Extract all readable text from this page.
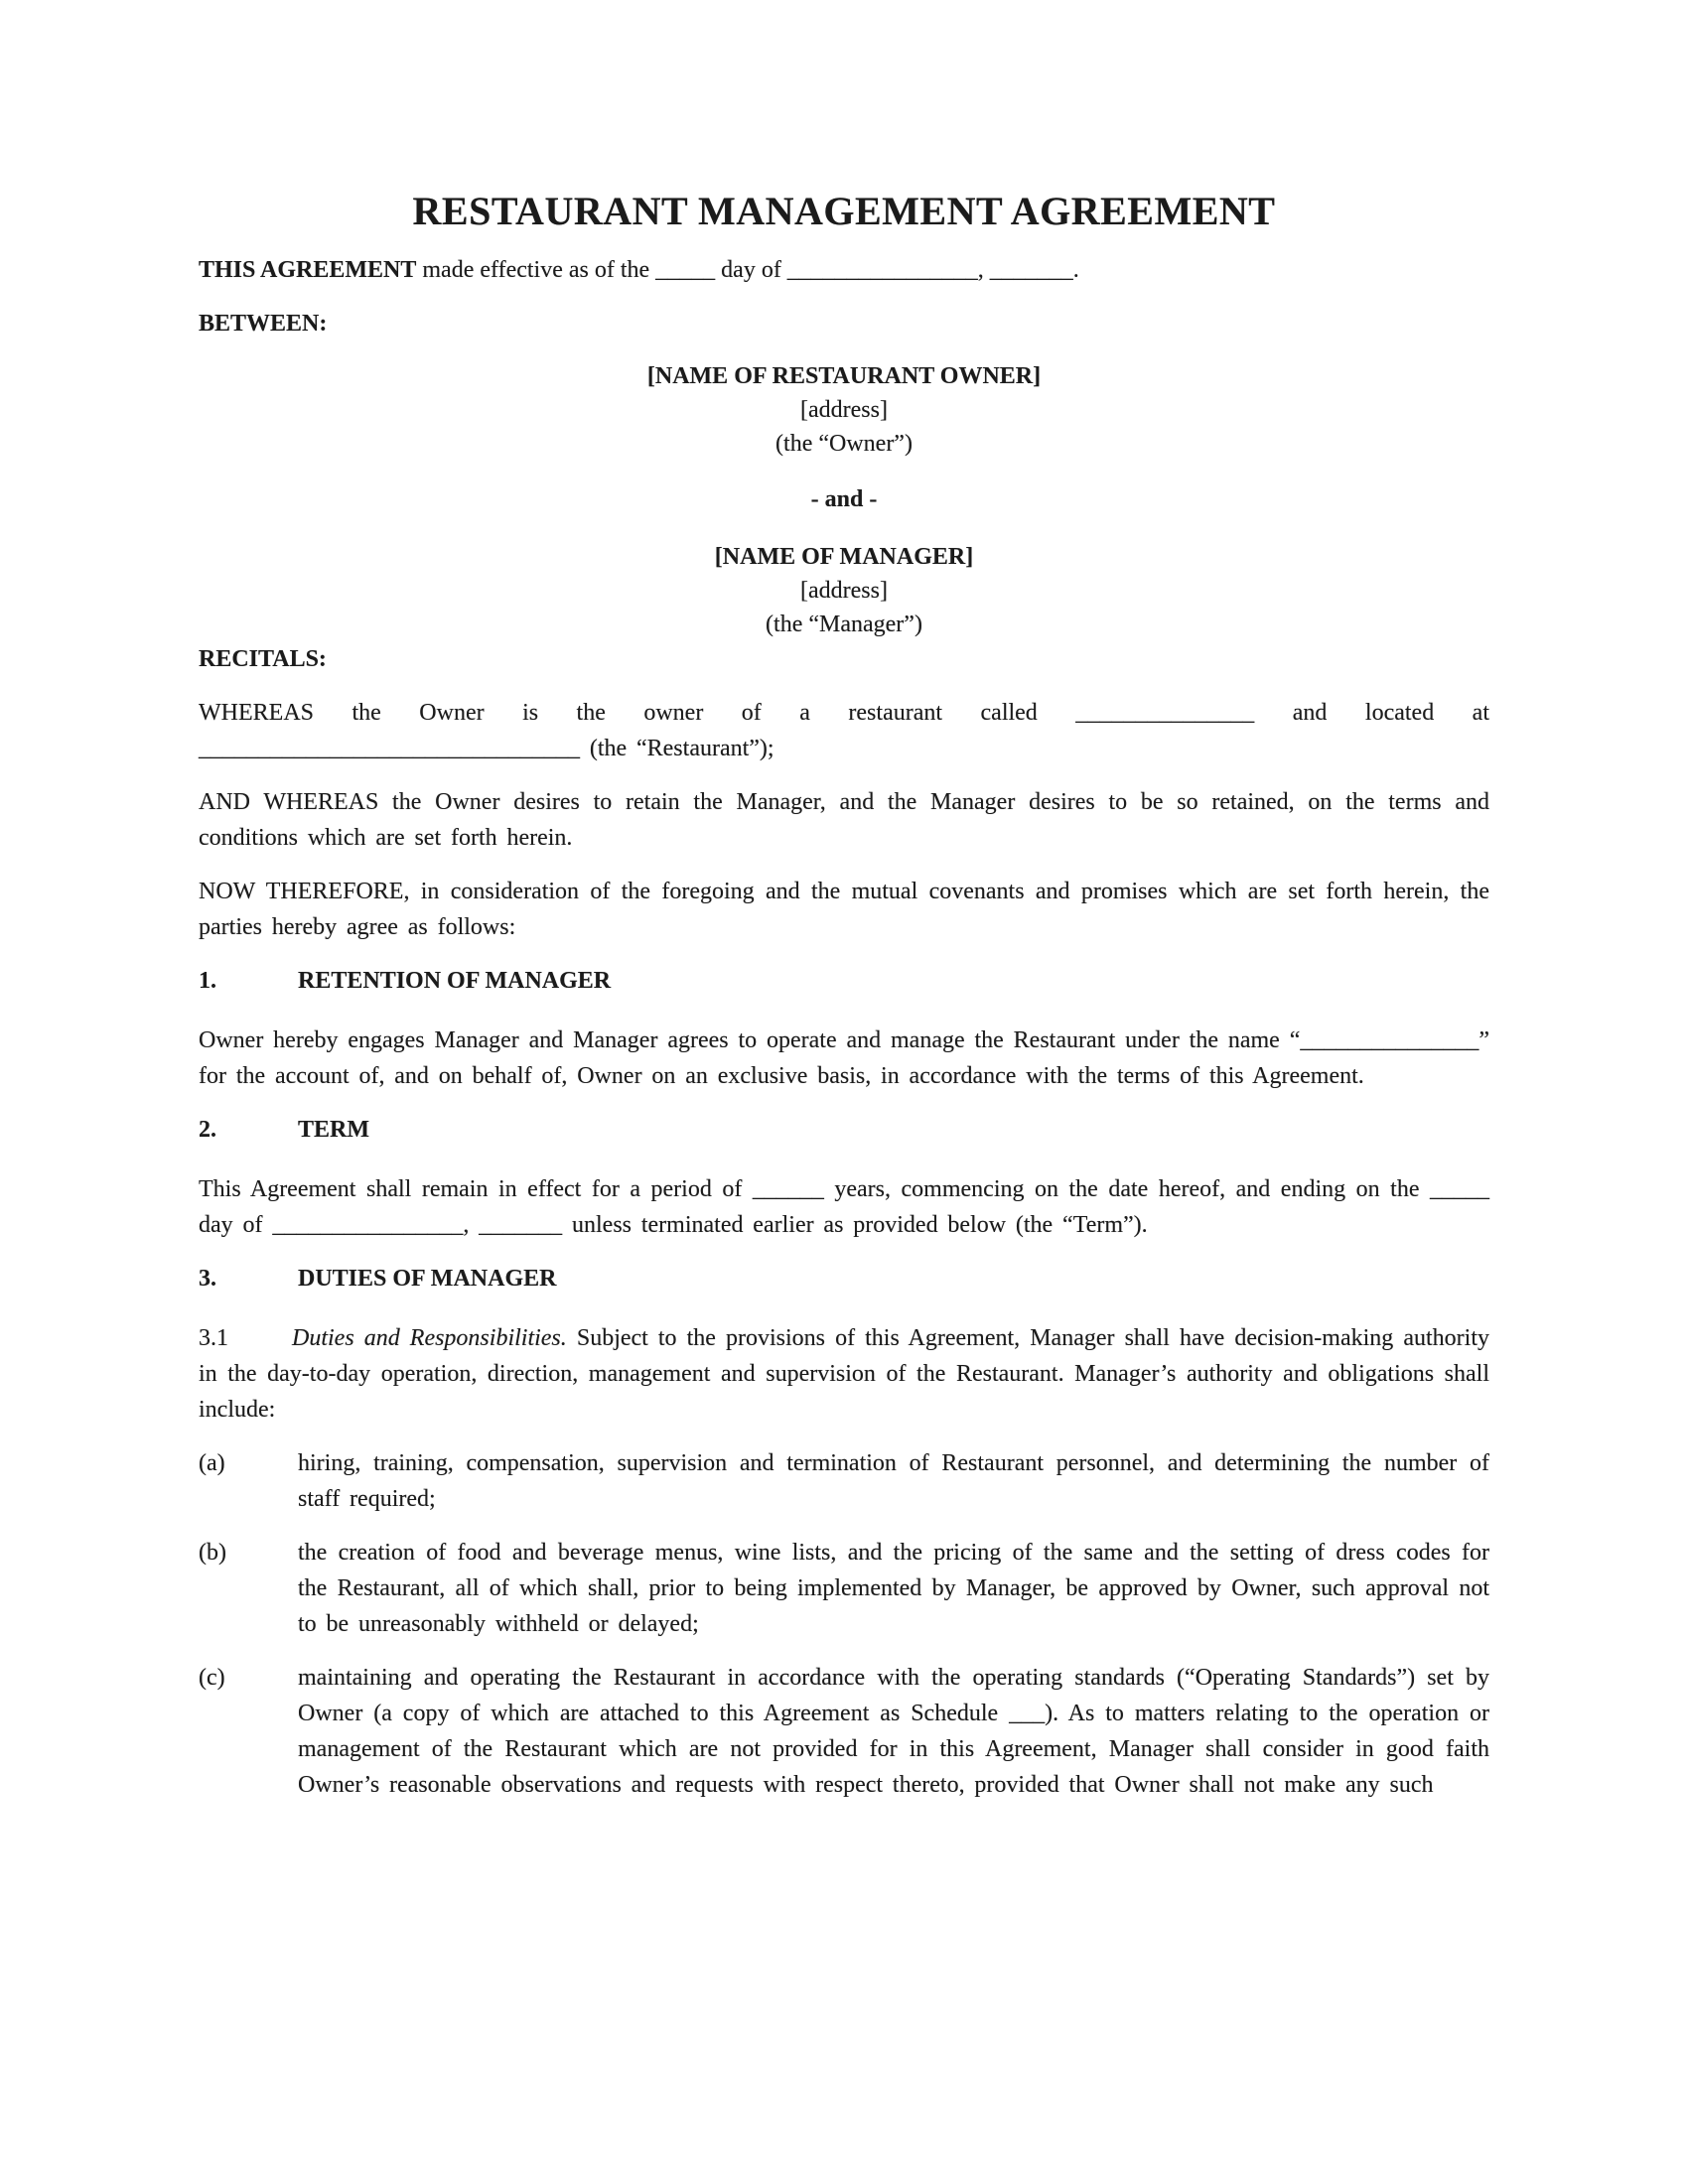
RESTAURANT MANAGEMENT AGREEMENT

THIS AGREEMENT made effective as of the _____ day of ________________, _______.

BETWEEN:

[NAME OF RESTAURANT OWNER]
[address]
(the “Owner”)
- and -
[NAME OF MANAGER]
[address]
(the “Manager”)

RECITALS:

WHEREAS the Owner is the owner of a restaurant called _______________ and located at ________________________________ (the “Restaurant”);

AND WHEREAS the Owner desires to retain the Manager, and the Manager desires to be so retained, on the terms and conditions which are set forth herein.

NOW THEREFORE, in consideration of the foregoing and the mutual covenants and promises which are set forth herein, the parties hereby agree as follows:

1.	RETENTION OF MANAGER

Owner hereby engages Manager and Manager agrees to operate and manage the Restaurant under the name “_______________” for the account of, and on behalf of, Owner on an exclusive basis, in accordance with the terms of this Agreement.

2.	TERM

This Agreement shall remain in effect for a period of ______ years, commencing on the date hereof, and ending on the _____ day of ________________, _______ unless terminated earlier as provided below (the “Term”).

3.	DUTIES OF MANAGER

3.1	Duties and Responsibilities. Subject to the provisions of this Agreement, Manager shall have decision-making authority in the day-to-day operation, direction, management and supervision of the Restaurant. Manager’s authority and obligations shall include:

(a)	hiring, training, compensation, supervision and termination of Restaurant personnel, and determining the number of staff required;

(b)	the creation of food and beverage menus, wine lists, and the pricing of the same and the setting of dress codes for the Restaurant, all of which shall, prior to being implemented by Manager, be approved by Owner, such approval not to be unreasonably withheld or delayed;

(c)	maintaining and operating the Restaurant in accordance with the operating standards (“Operating Standards”) set by Owner (a copy of which are attached to this Agreement as Schedule ___). As to matters relating to the operation or management of the Restaurant which are not provided for in this Agreement, Manager shall consider in good faith Owner’s reasonable observations and requests with respect thereto, provided that Owner shall not make any such
